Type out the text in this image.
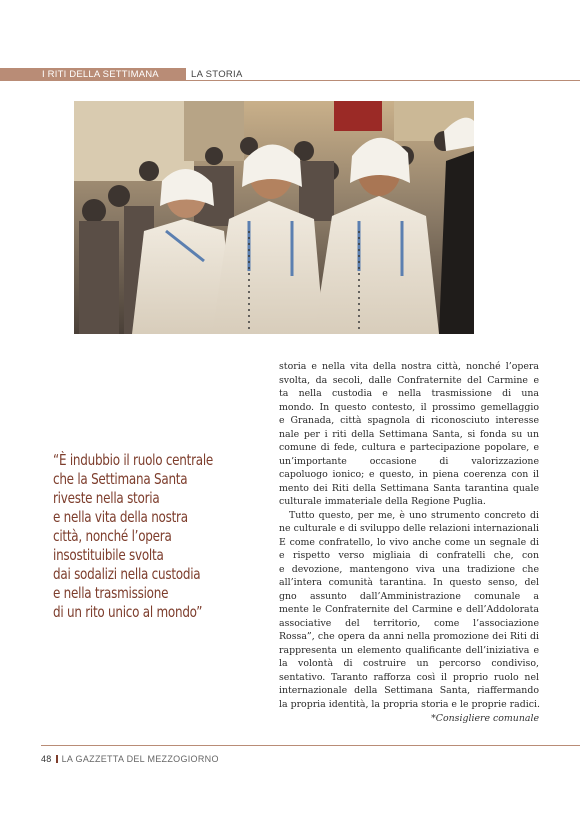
I RITI DELLA SETTIMANA SANTA
LA STORIA
“È indubbio il ruolo centrale
che la Settimana Santa
riveste nella storia
e nella vita della nostra
città, nonché l’opera
insostituibile svolta
dai sodalizi nella custodia
e nella trasmissione
di un rito unico al mondo”
storia e nella vita della nostra città, nonché l’opera
svolta, da secoli, dalle Confraternite del Carmine e
ta nella custodia e nella trasmissione di una
mondo. In questo contesto, il prossimo gemellaggio
e Granada, città spagnola di riconosciuto interesse
nale per i riti della Settimana Santa, si fonda su un
comune di fede, cultura e partecipazione popolare, e
un’importante occasione di valorizzazione
capoluogo ionico; e questo, in piena coerenza con il
mento dei Riti della Settimana Santa tarantina quale
culturale immateriale della Regione Puglia.
Tutto questo, per me, è uno strumento concreto di
ne culturale e di sviluppo delle relazioni internazionali
E come confratello, lo vivo anche come un segnale di
e rispetto verso migliaia di confratelli che, con
e devozione, mantengono viva una tradizione che
all’intera comunità tarantina. In questo senso, del
gno assunto dall’Amministrazione comunale a
mente le Confraternite del Carmine e dell’Addolorata
associative del territorio, come l’associazione
Rossa”, che opera da anni nella promozione dei Riti di
rappresenta un elemento qualificante dell’iniziativa e
la volontà di costruire un percorso condiviso,
sentativo. Taranto rafforza così il proprio ruolo nel
internazionale della Settimana Santa, riaffermando
la propria identità, la propria storia e le proprie radici.
*Consigliere comunale
48 LA GAZZETTA DEL MEZZOGIORNO
